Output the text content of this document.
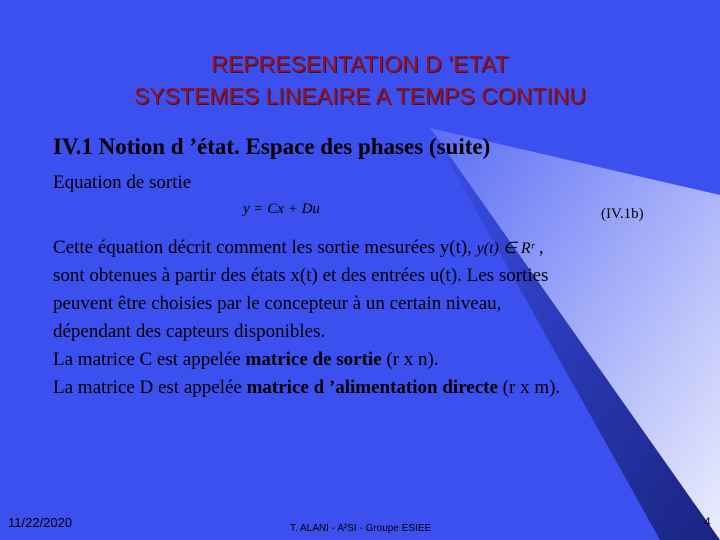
REPRESENTATION D ’ETAT
SYSTEMES LINEAIRE A TEMPS CONTINU
IV.1 Notion d ’état. Espace des phases (suite)
Equation de sortie
y = Cx + Du	(IV.1b)
Cette équation décrit comment les sortie mesurées y(t), y(t) ∈ Rʳ ,
sont obtenues à partir des états x(t) et des entrées u(t). Les sorties
peuvent être choisies par le concepteur à un certain niveau,
dépendant des capteurs disponibles.
La matrice C est appelée matrice de sortie (r x n).
La matrice D est appelée matrice d ’alimentation directe (r x m).
11/22/2020	T. ALANI - A²SI - Groupe ESIEE	4
